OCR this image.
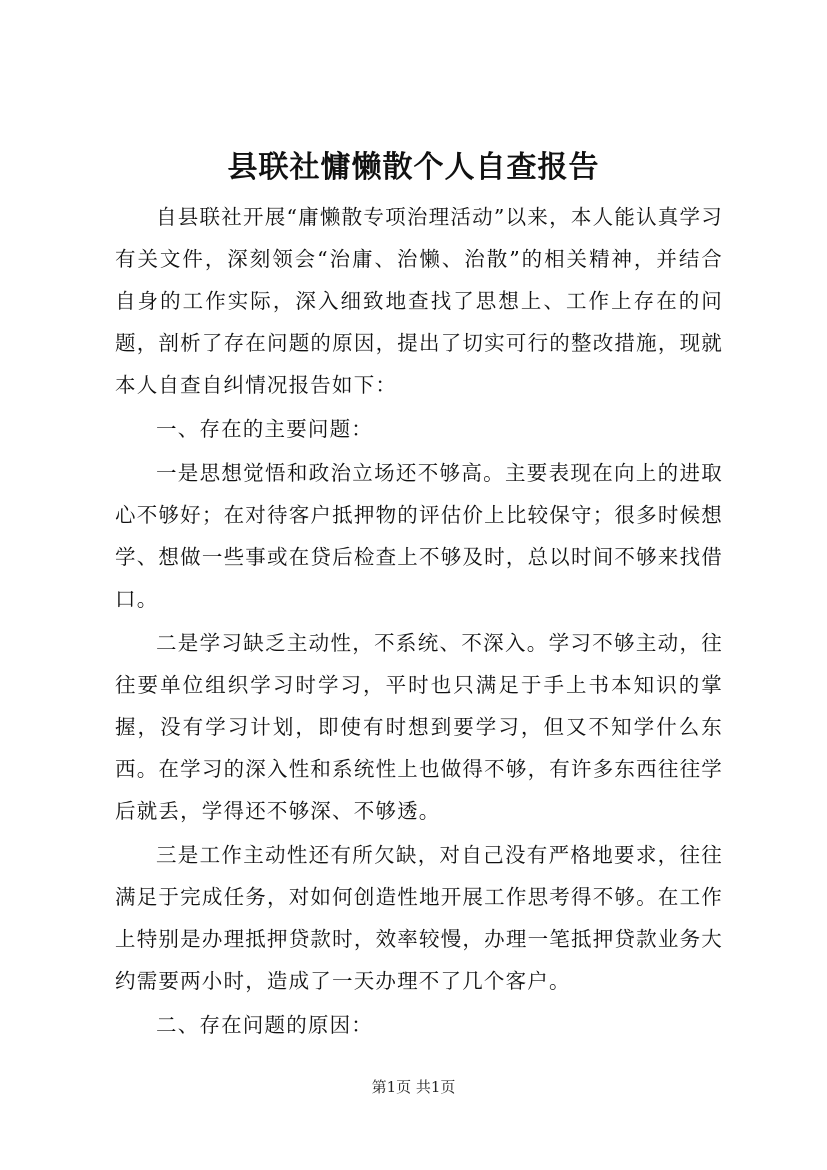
县联社慵懒散个人自查报告

自县联社开展“庸懒散专项治理活动”以来，本人能认真学习有关文件，深刻领会“治庸、治懒、治散”的相关精神，并结合自身的工作实际，深入细致地查找了思想上、工作上存在的问题，剖析了存在问题的原因，提出了切实可行的整改措施，现就本人自查自纠情况报告如下：

一、存在的主要问题：

一是思想觉悟和政治立场还不够高。主要表现在向上的进取心不够好；在对待客户抵押物的评估价上比较保守；很多时候想学、想做一些事或在贷后检查上不够及时，总以时间不够来找借口。

二是学习缺乏主动性，不系统、不深入。学习不够主动，往往要单位组织学习时学习，平时也只满足于手上书本知识的掌握，没有学习计划，即使有时想到要学习，但又不知学什么东西。在学习的深入性和系统性上也做得不够，有许多东西往往学后就丢，学得还不够深、不够透。

三是工作主动性还有所欠缺，对自己没有严格地要求，往往满足于完成任务，对如何创造性地开展工作思考得不够。在工作上特别是办理抵押贷款时，效率较慢，办理一笔抵押贷款业务大约需要两小时，造成了一天办理不了几个客户。

二、存在问题的原因：

第1页 共1页
